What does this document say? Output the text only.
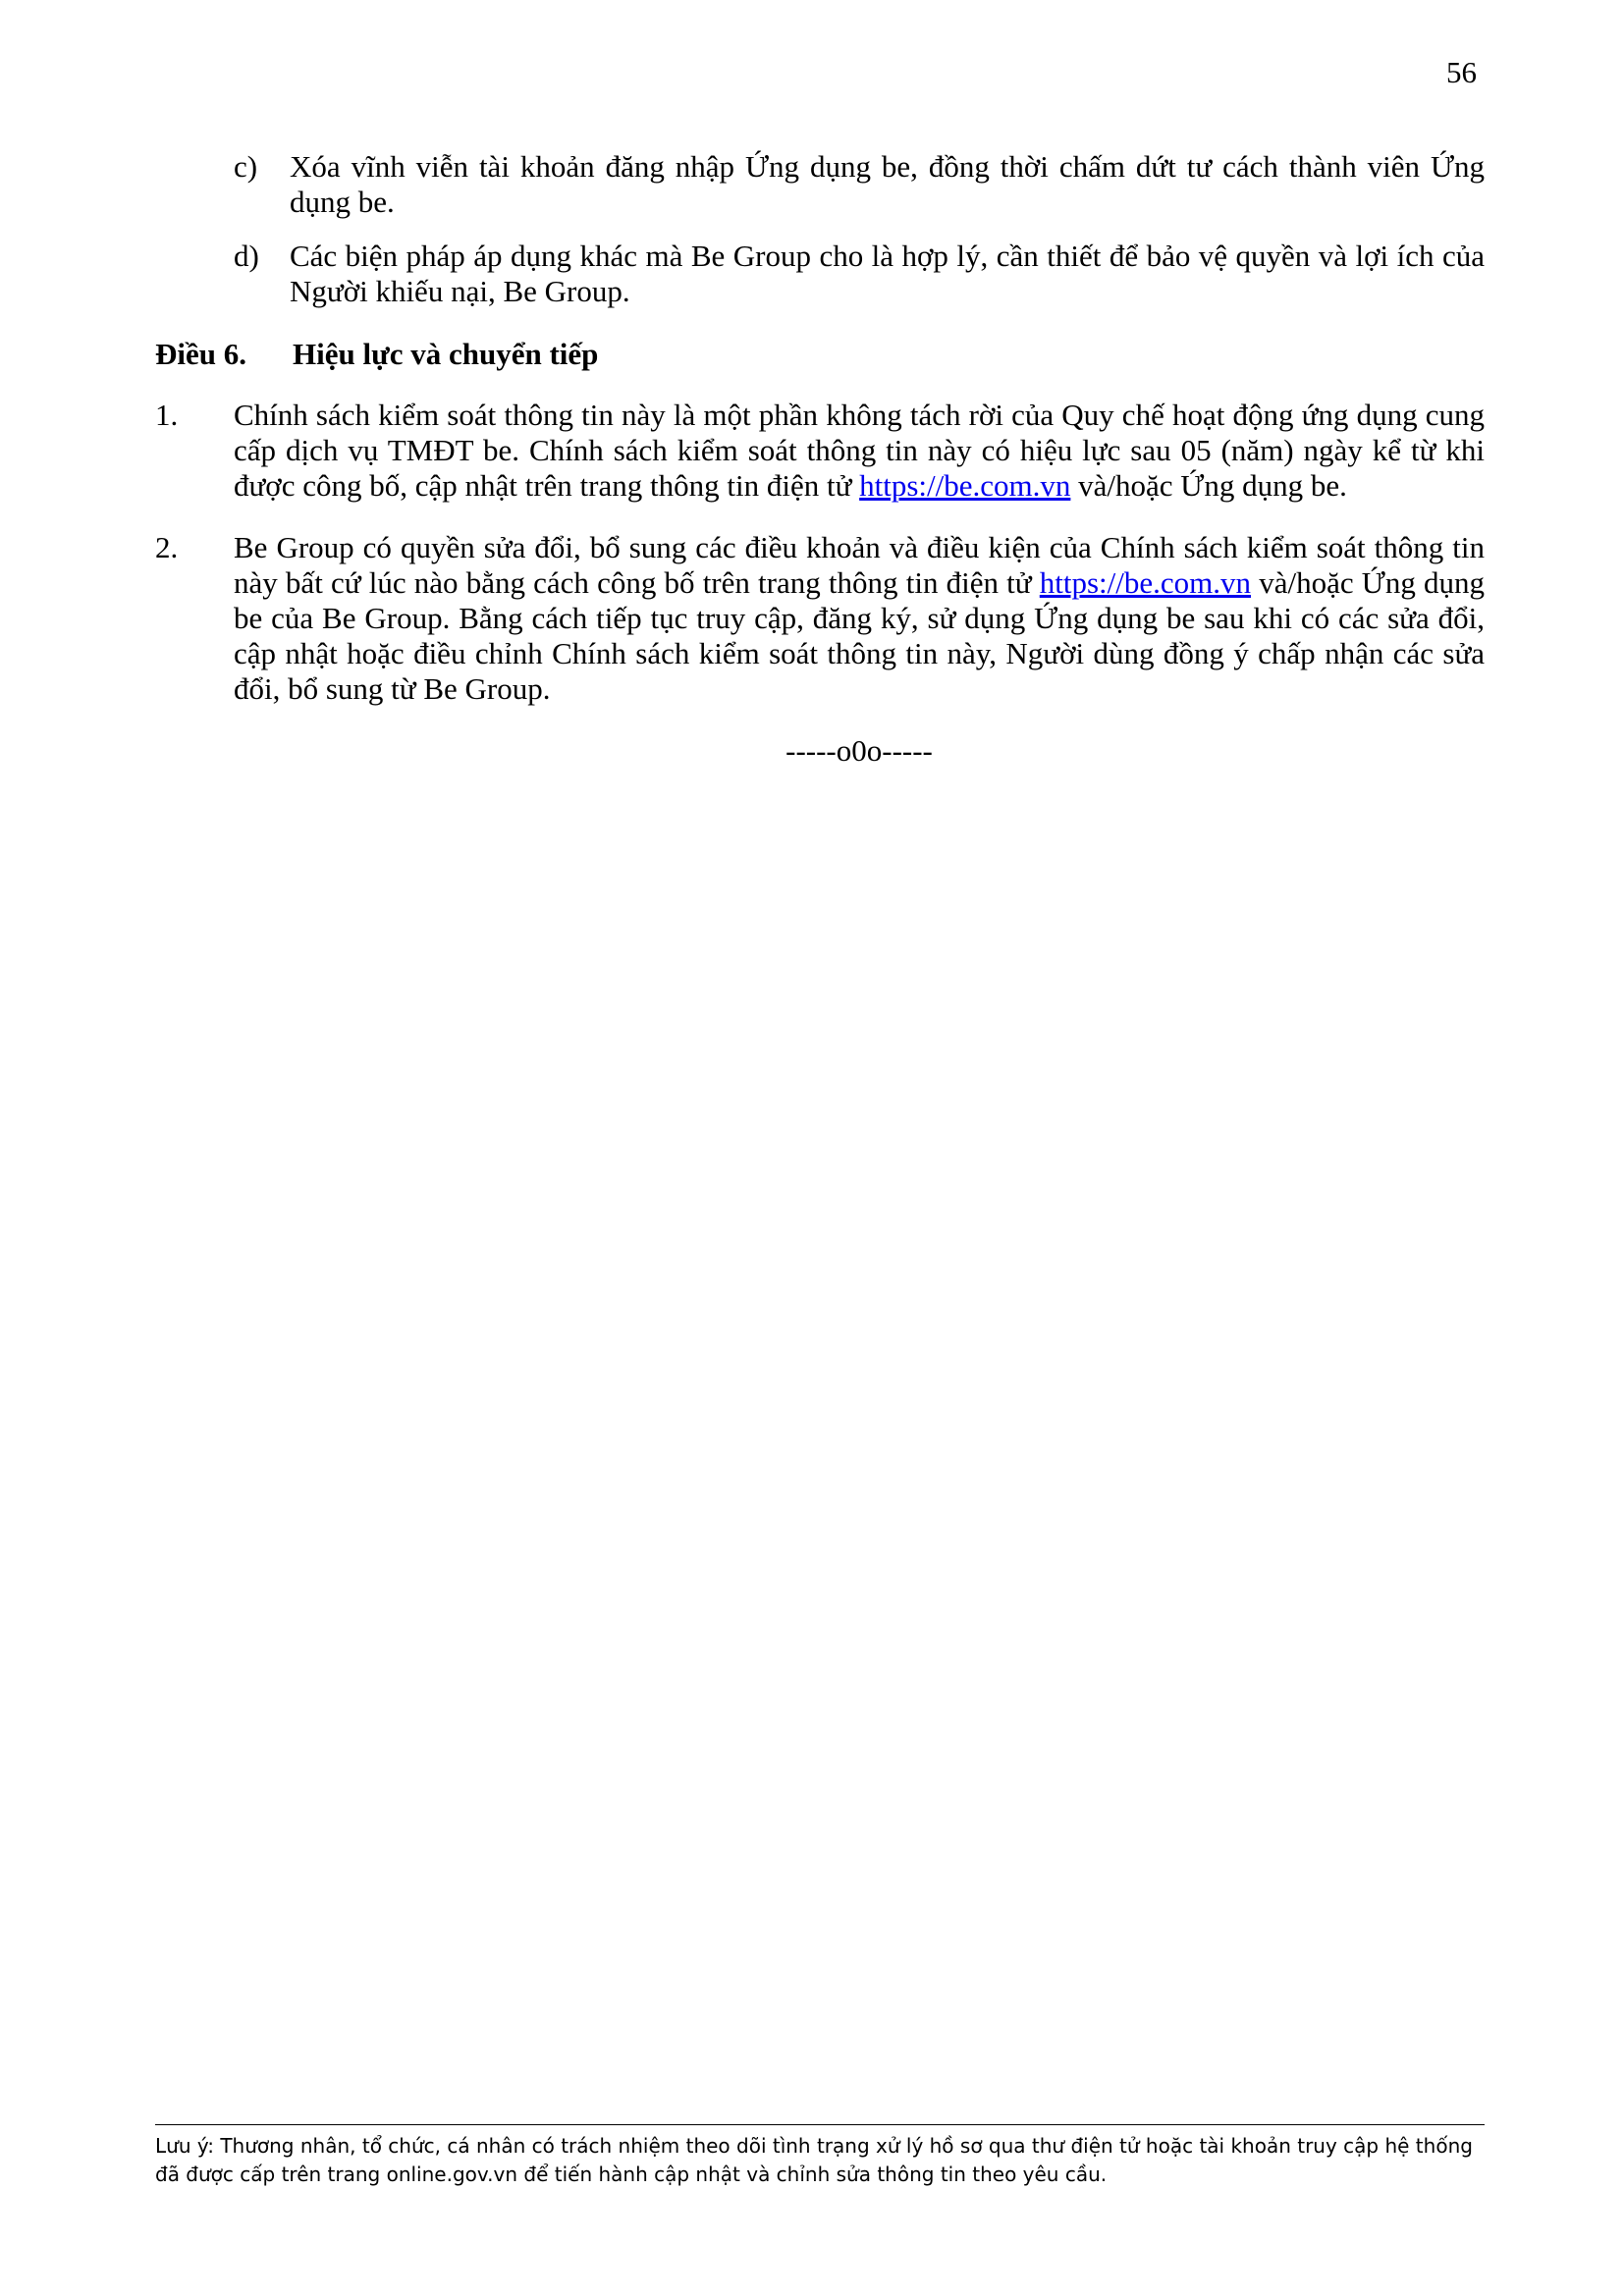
56
c)	Xóa vĩnh viễn tài khoản đăng nhập Ứng dụng be, đồng thời chấm dứt tư cách thành viên Ứng dụng be.
d)	Các biện pháp áp dụng khác mà Be Group cho là hợp lý, cần thiết để bảo vệ quyền và lợi ích của Người khiếu nại, Be Group.
Điều 6.	Hiệu lực và chuyển tiếp
1.	Chính sách kiểm soát thông tin này là một phần không tách rời của Quy chế hoạt động ứng dụng cung cấp dịch vụ TMĐT be. Chính sách kiểm soát thông tin này có hiệu lực sau 05 (năm) ngày kể từ khi được công bố, cập nhật trên trang thông tin điện tử https://be.com.vn và/hoặc Ứng dụng be.
2.	Be Group có quyền sửa đổi, bổ sung các điều khoản và điều kiện của Chính sách kiểm soát thông tin này bất cứ lúc nào bằng cách công bố trên trang thông tin điện tử https://be.com.vn và/hoặc Ứng dụng be của Be Group. Bằng cách tiếp tục truy cập, đăng ký, sử dụng Ứng dụng be sau khi có các sửa đổi, cập nhật hoặc điều chỉnh Chính sách kiểm soát thông tin này, Người dùng đồng ý chấp nhận các sửa đổi, bổ sung từ Be Group.
-----o0o-----
Lưu ý: Thương nhân, tổ chức, cá nhân có trách nhiệm theo dõi tình trạng xử lý hồ sơ qua thư điện tử hoặc tài khoản truy cập hệ thống đã được cấp trên trang online.gov.vn để tiến hành cập nhật và chỉnh sửa thông tin theo yêu cầu.
